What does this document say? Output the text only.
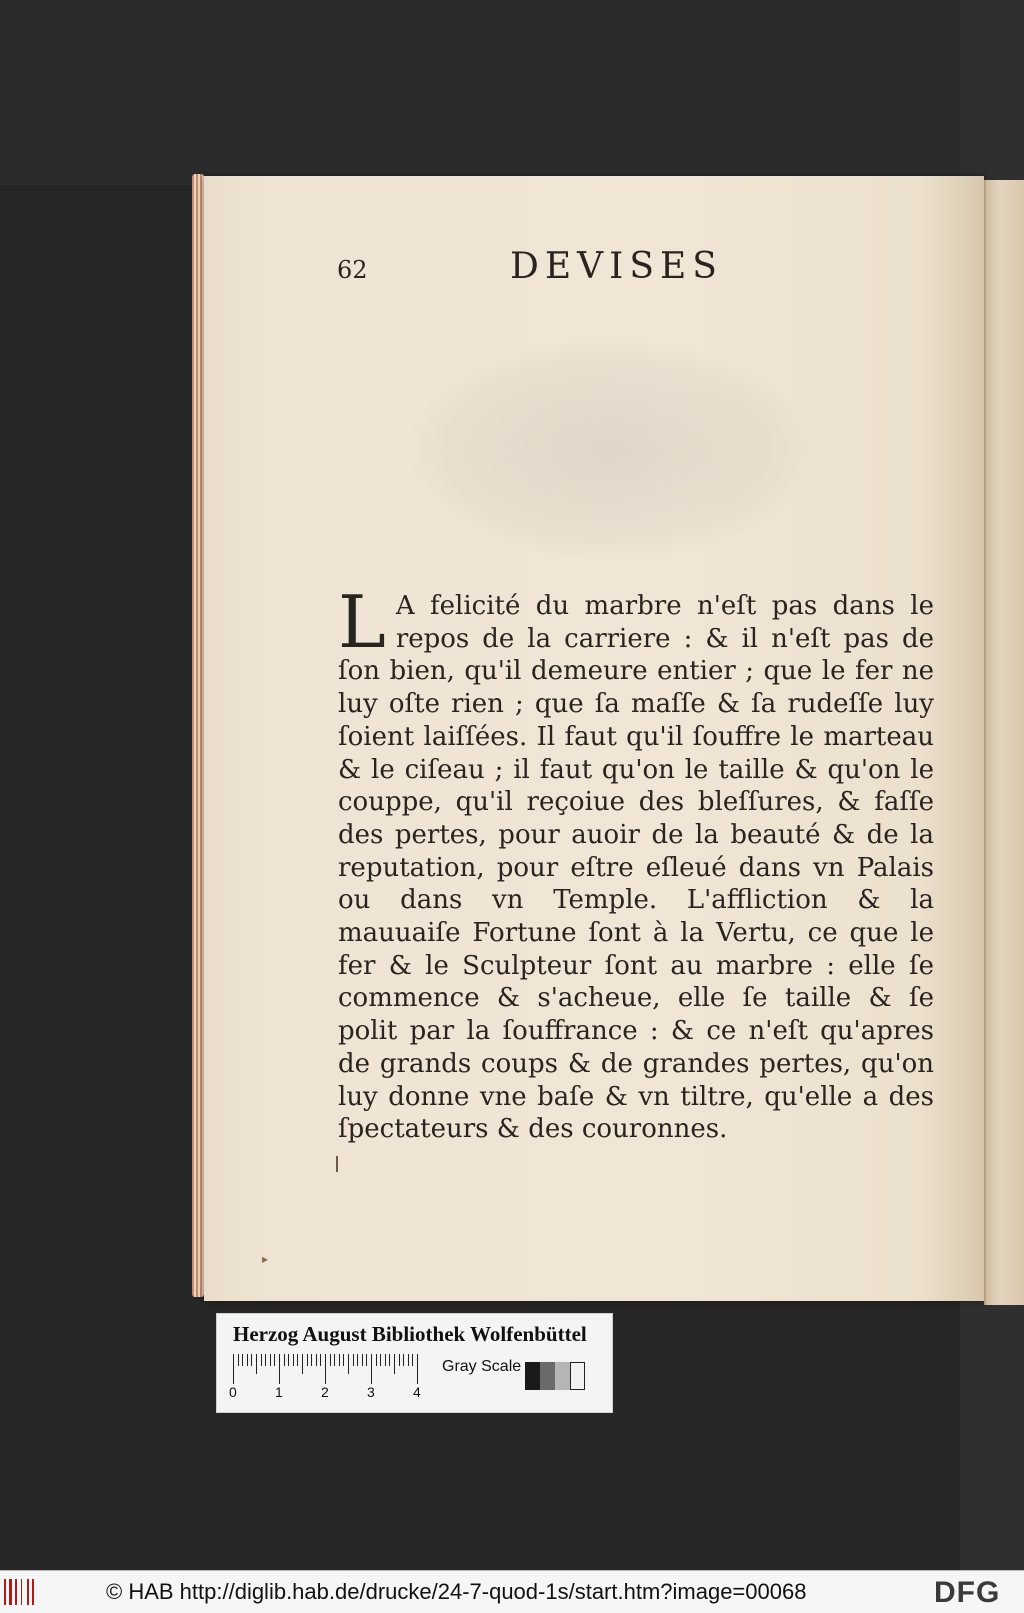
62	DEVISES
L A felicité du marbre n'eſt pas dans le repos de la carriere : & il n'eſt pas de ſon bien, qu'il demeure entier ; que le fer ne luy oſte rien ; que ſa maſſe & ſa rudeſſe luy ſoient laiſſées. Il faut qu'il ſouffre le marteau & le ciſeau ; il faut qu'on le taille & qu'on le couppe, qu'il reçoiue des bleſſures, & faſſe des pertes, pour auoir de la beauté & de la reputation, pour eſtre eſleué dans vn Palais ou dans vn Temple. L'affliction & la mauuaiſe Fortune ſont à la Vertu, ce que le fer & le Sculpteur ſont au marbre : elle ſe commence & s'acheue, elle ſe taille & ſe polit par la ſouffrance : & ce n'eſt qu'apres de grands coups & de grandes pertes, qu'on luy donne vne baſe & vn tiltre, qu'elle a des ſpectateurs & des couronnes.
▸
Herzog August Bibliothek Wolfenbüttel
0	1	2	3	4
Gray Scale
© HAB http://diglib.hab.de/drucke/24-7-quod-1s/start.htm?image=00068	DFG
